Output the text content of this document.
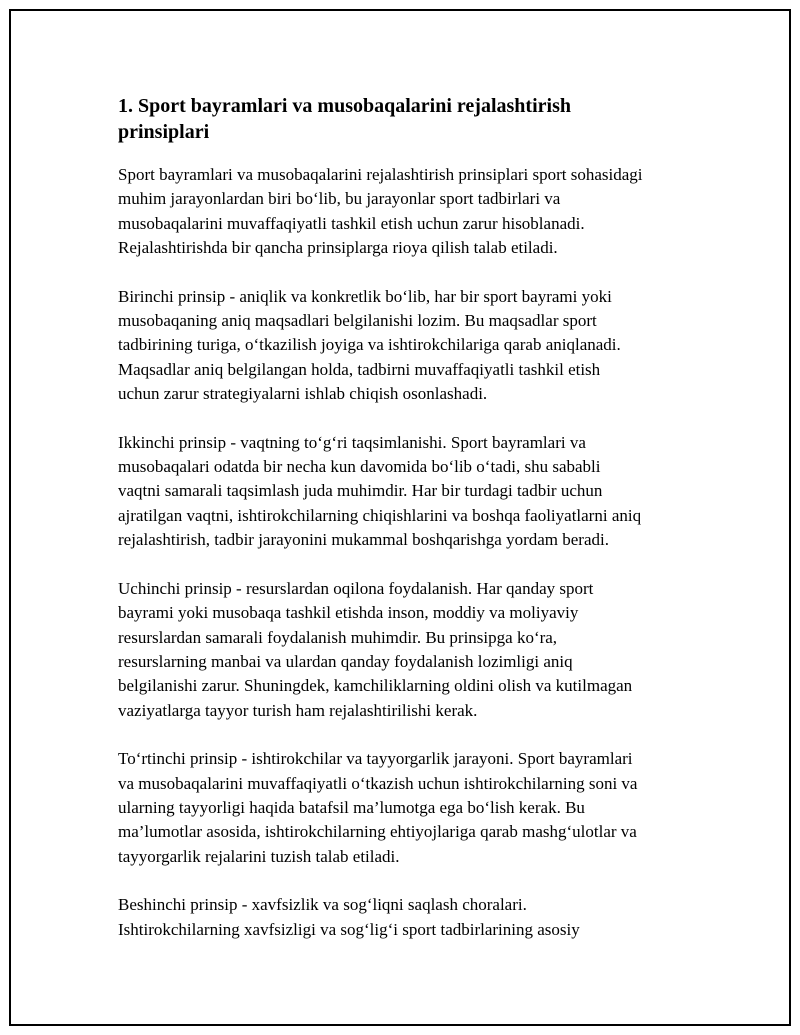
1. Sport bayramlari va musobaqalarini rejalashtirish
prinsiplari

Sport bayramlari va musobaqalarini rejalashtirish prinsiplari sport sohasidagi
muhim jarayonlardan biri bo‘lib, bu jarayonlar sport tadbirlari va
musobaqalarini muvaffaqiyatli tashkil etish uchun zarur hisoblanadi.
Rejalashtirishda bir qancha prinsiplarga rioya qilish talab etiladi.

Birinchi prinsip - aniqlik va konkretlik bo‘lib, har bir sport bayrami yoki
musobaqaning aniq maqsadlari belgilanishi lozim. Bu maqsadlar sport
tadbirining turiga, o‘tkazilish joyiga va ishtirokchilariga qarab aniqlanadi.
Maqsadlar aniq belgilangan holda, tadbirni muvaffaqiyatli tashkil etish
uchun zarur strategiyalarni ishlab chiqish osonlashadi.

Ikkinchi prinsip - vaqtning to‘g‘ri taqsimlanishi. Sport bayramlari va
musobaqalari odatda bir necha kun davomida bo‘lib o‘tadi, shu sababli
vaqtni samarali taqsimlash juda muhimdir. Har bir turdagi tadbir uchun
ajratilgan vaqtni, ishtirokchilarning chiqishlarini va boshqa faoliyatlarni aniq
rejalashtirish, tadbir jarayonini mukammal boshqarishga yordam beradi.

Uchinchi prinsip - resurslardan oqilona foydalanish. Har qanday sport
bayrami yoki musobaqa tashkil etishda inson, moddiy va moliyaviy
resurslardan samarali foydalanish muhimdir. Bu prinsipga ko‘ra,
resurslarning manbai va ulardan qanday foydalanish lozimligi aniq
belgilanishi zarur. Shuningdek, kamchiliklarning oldini olish va kutilmagan
vaziyatlarga tayyor turish ham rejalashtirilishi kerak.

To‘rtinchi prinsip - ishtirokchilar va tayyorgarlik jarayoni. Sport bayramlari
va musobaqalarini muvaffaqiyatli o‘tkazish uchun ishtirokchilarning soni va
ularning tayyorligi haqida batafsil ma’lumotga ega bo‘lish kerak. Bu
ma’lumotlar asosida, ishtirokchilarning ehtiyojlariga qarab mashg‘ulotlar va
tayyorgarlik rejalarini tuzish talab etiladi.

Beshinchi prinsip - xavfsizlik va sog‘liqni saqlash choralari.
Ishtirokchilarning xavfsizligi va sog‘lig‘i sport tadbirlarining asosiy
